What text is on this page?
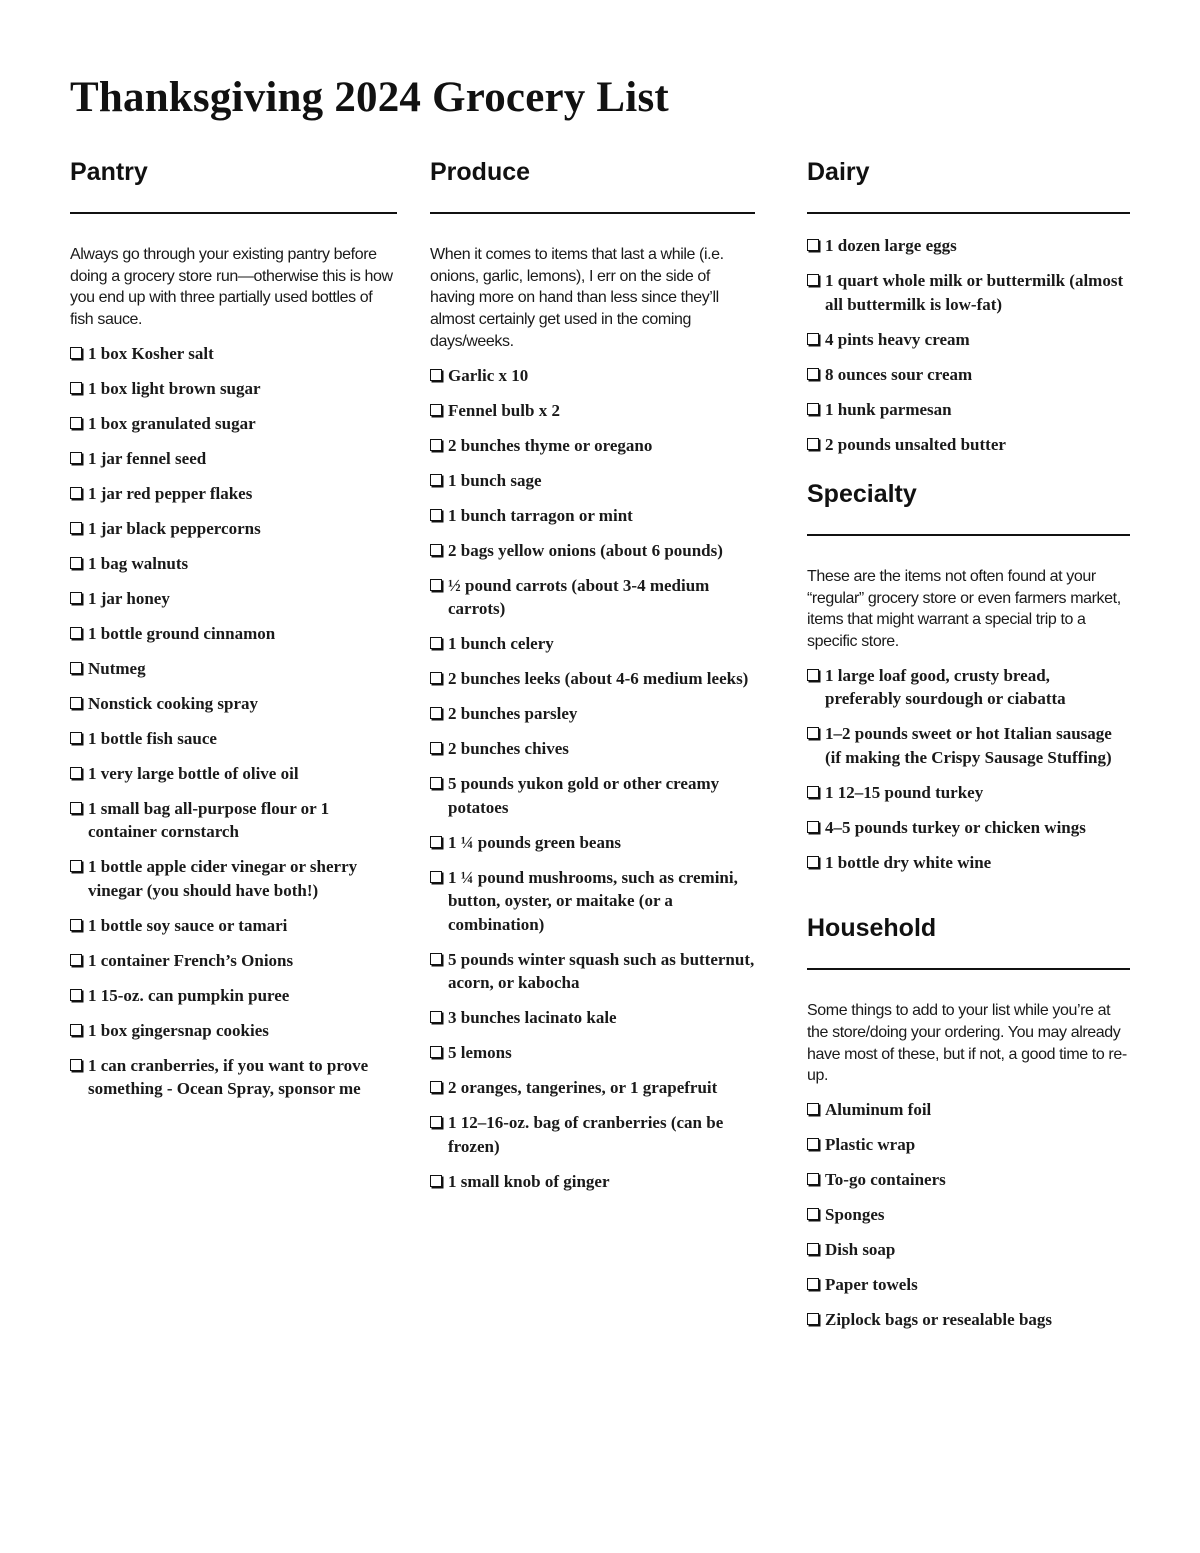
Thanksgiving 2024 Grocery List
Pantry

Always go through your existing pantry before doing a grocery store run—otherwise this is how you end up with three partially used bottles of fish sauce.

1 box Kosher salt
1 box light brown sugar
1 box granulated sugar
1 jar fennel seed
1 jar red pepper flakes
1 jar black peppercorns
1 bag walnuts
1 jar honey
1 bottle ground cinnamon
Nutmeg
Nonstick cooking spray
1 bottle fish sauce
1 very large bottle of olive oil
1 small bag all-purpose flour or 1 container cornstarch
1 bottle apple cider vinegar or sherry vinegar (you should have both!)
1 bottle soy sauce or tamari
1 container French’s Onions
1 15-oz. can pumpkin puree
1 box gingersnap cookies
1 can cranberries, if you want to prove something - Ocean Spray, sponsor me
Produce

When it comes to items that last a while (i.e. onions, garlic, lemons), I err on the side of having more on hand than less since they’ll almost certainly get used in the coming days/weeks.

Garlic x 10
Fennel bulb x 2
2 bunches thyme or oregano
1 bunch sage
1 bunch tarragon or mint
2 bags yellow onions (about 6 pounds)
½ pound carrots (about 3-4 medium carrots)
1 bunch celery
2 bunches leeks (about 4-6 medium leeks)
2 bunches parsley
2 bunches chives
5 pounds yukon gold or other creamy potatoes
1 ¼ pounds green beans
1 ¼ pound mushrooms, such as cremini, button, oyster, or maitake (or a combination)
5 pounds winter squash such as butternut, acorn, or kabocha
3 bunches lacinato kale
5 lemons
2 oranges, tangerines, or 1 grapefruit
1 12–16-oz. bag of cranberries (can be frozen)
1 small knob of ginger
Dairy
1 dozen large eggs
1 quart whole milk or buttermilk (almost all buttermilk is low-fat)
4 pints heavy cream
8 ounces sour cream
1 hunk parmesan
2 pounds unsalted butter
Specialty

These are the items not often found at your “regular” grocery store or even farmers market, items that might warrant a special trip to a specific store.

1 large loaf good, crusty bread, preferably sourdough or ciabatta
1–2 pounds sweet or hot Italian sausage (if making the Crispy Sausage Stuffing)
1 12–15 pound turkey
4–5 pounds turkey or chicken wings
1 bottle dry white wine
Household

Some things to add to your list while you’re at the store/doing your ordering. You may already have most of these, but if not, a good time to re-up.

Aluminum foil
Plastic wrap
To-go containers
Sponges
Dish soap
Paper towels
Ziplock bags or resealable bags
